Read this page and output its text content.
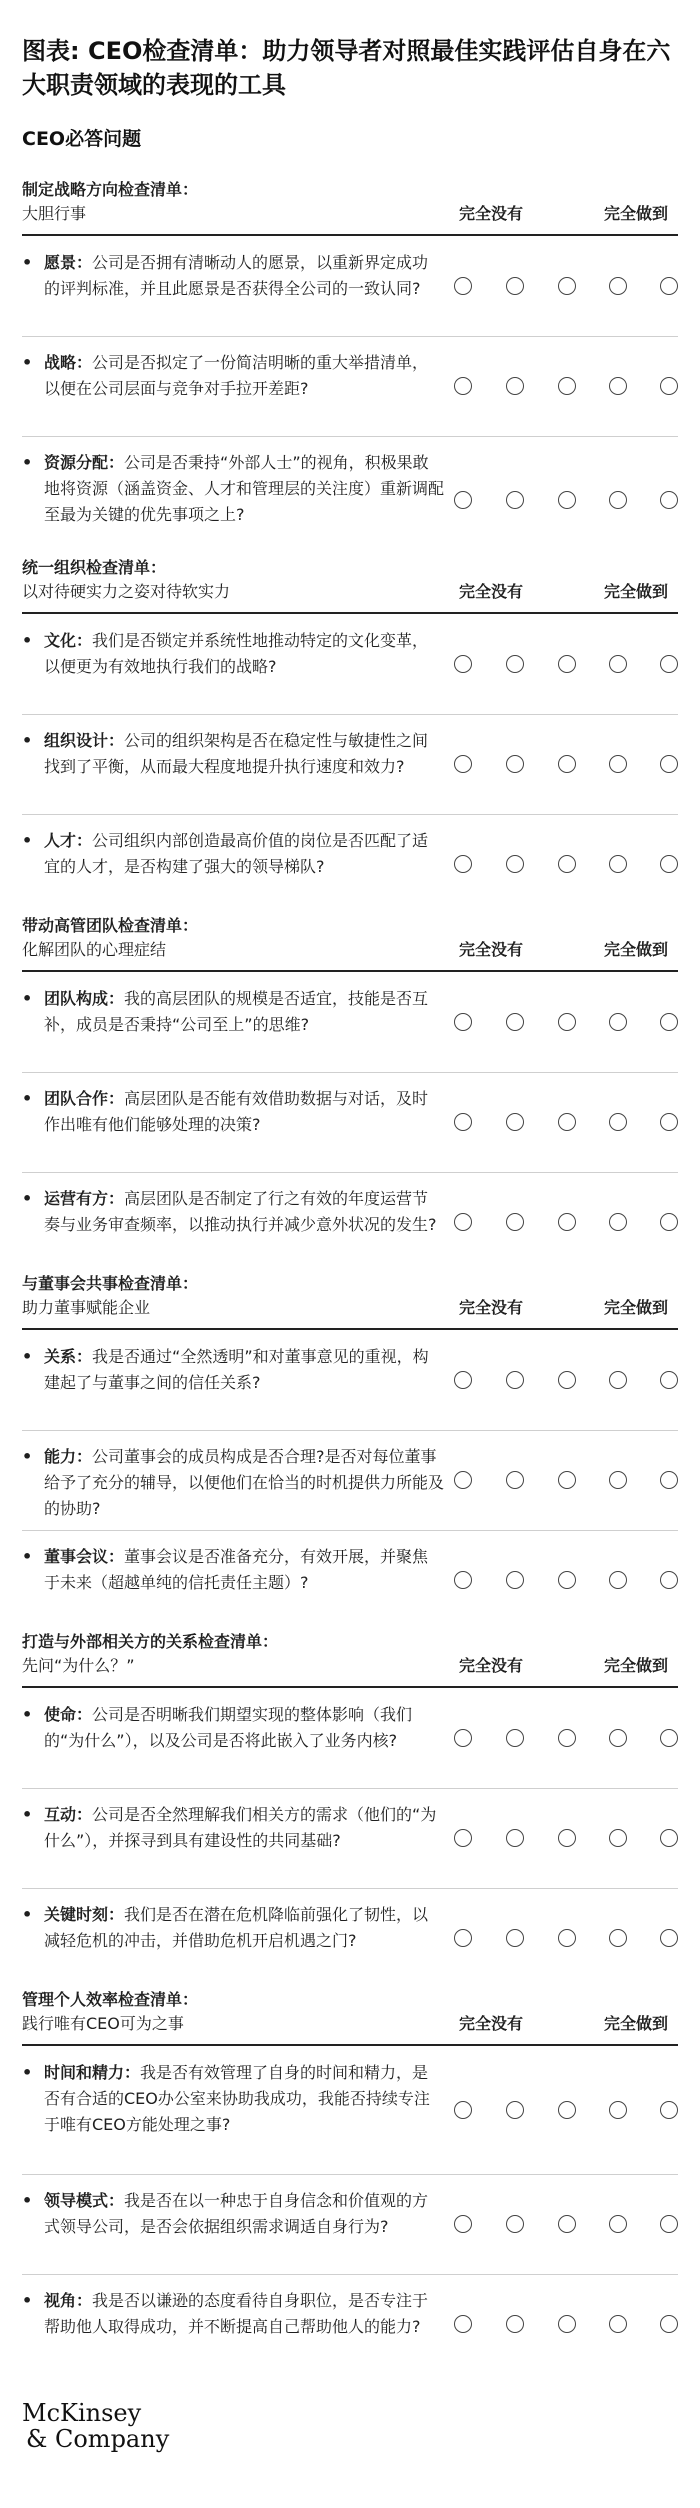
图表: CEO检查清单：助力领导者对照最佳实践评估自身在六大职责领域的表现的工具
CEO必答问题
制定战略方向检查清单：
大胆行事	完全没有	完全做到
• 愿景：公司是否拥有清晰动人的愿景，以重新界定成功的评判标准，并且此愿景是否获得全公司的一致认同?
• 战略：公司是否拟定了一份简洁明晰的重大举措清单，以便在公司层面与竞争对手拉开差距?
• 资源分配：公司是否秉持“外部人士”的视角，积极果敢地将资源（涵盖资金、人才和管理层的关注度）重新调配至最为关键的优先事项之上?
统一组织检查清单：
以对待硬实力之姿对待软实力	完全没有	完全做到
• 文化：我们是否锁定并系统性地推动特定的文化变革，以便更为有效地执行我们的战略?
• 组织设计：公司的组织架构是否在稳定性与敏捷性之间找到了平衡，从而最大程度地提升执行速度和效力?
• 人才：公司组织内部创造最高价值的岗位是否匹配了适宜的人才，是否构建了强大的领导梯队?
带动高管团队检查清单：
化解团队的心理症结	完全没有	完全做到
• 团队构成：我的高层团队的规模是否适宜，技能是否互补，成员是否秉持“公司至上”的思维?
• 团队合作：高层团队是否能有效借助数据与对话，及时作出唯有他们能够处理的决策?
• 运营有方：高层团队是否制定了行之有效的年度运营节奏与业务审查频率，以推动执行并减少意外状况的发生?
与董事会共事检查清单：
助力董事赋能企业	完全没有	完全做到
• 关系：我是否通过“全然透明”和对董事意见的重视，构建起了与董事之间的信任关系?
• 能力：公司董事会的成员构成是否合理?是否对每位董事给予了充分的辅导，以便他们在恰当的时机提供力所能及的协助?
• 董事会议：董事会议是否准备充分，有效开展，并聚焦于未来（超越单纯的信托责任主题）?
打造与外部相关方的关系检查清单：
先问“为什么？”	完全没有	完全做到
• 使命：公司是否明晰我们期望实现的整体影响（我们的“为什么”），以及公司是否将此嵌入了业务内核?
• 互动：公司是否全然理解我们相关方的需求（他们的“为什么”），并探寻到具有建设性的共同基础?
• 关键时刻：我们是否在潜在危机降临前强化了韧性，以减轻危机的冲击，并借助危机开启机遇之门?
管理个人效率检查清单：
践行唯有CEO可为之事	完全没有	完全做到
• 时间和精力：我是否有效管理了自身的时间和精力，是否有合适的CEO办公室来协助我成功，我能否持续专注于唯有CEO方能处理之事?
• 领导模式：我是否在以一种忠于自身信念和价值观的方式领导公司，是否会依据组织需求调适自身行为?
• 视角：我是否以谦逊的态度看待自身职位，是否专注于帮助他人取得成功，并不断提高自己帮助他人的能力?
McKinsey
& Company
